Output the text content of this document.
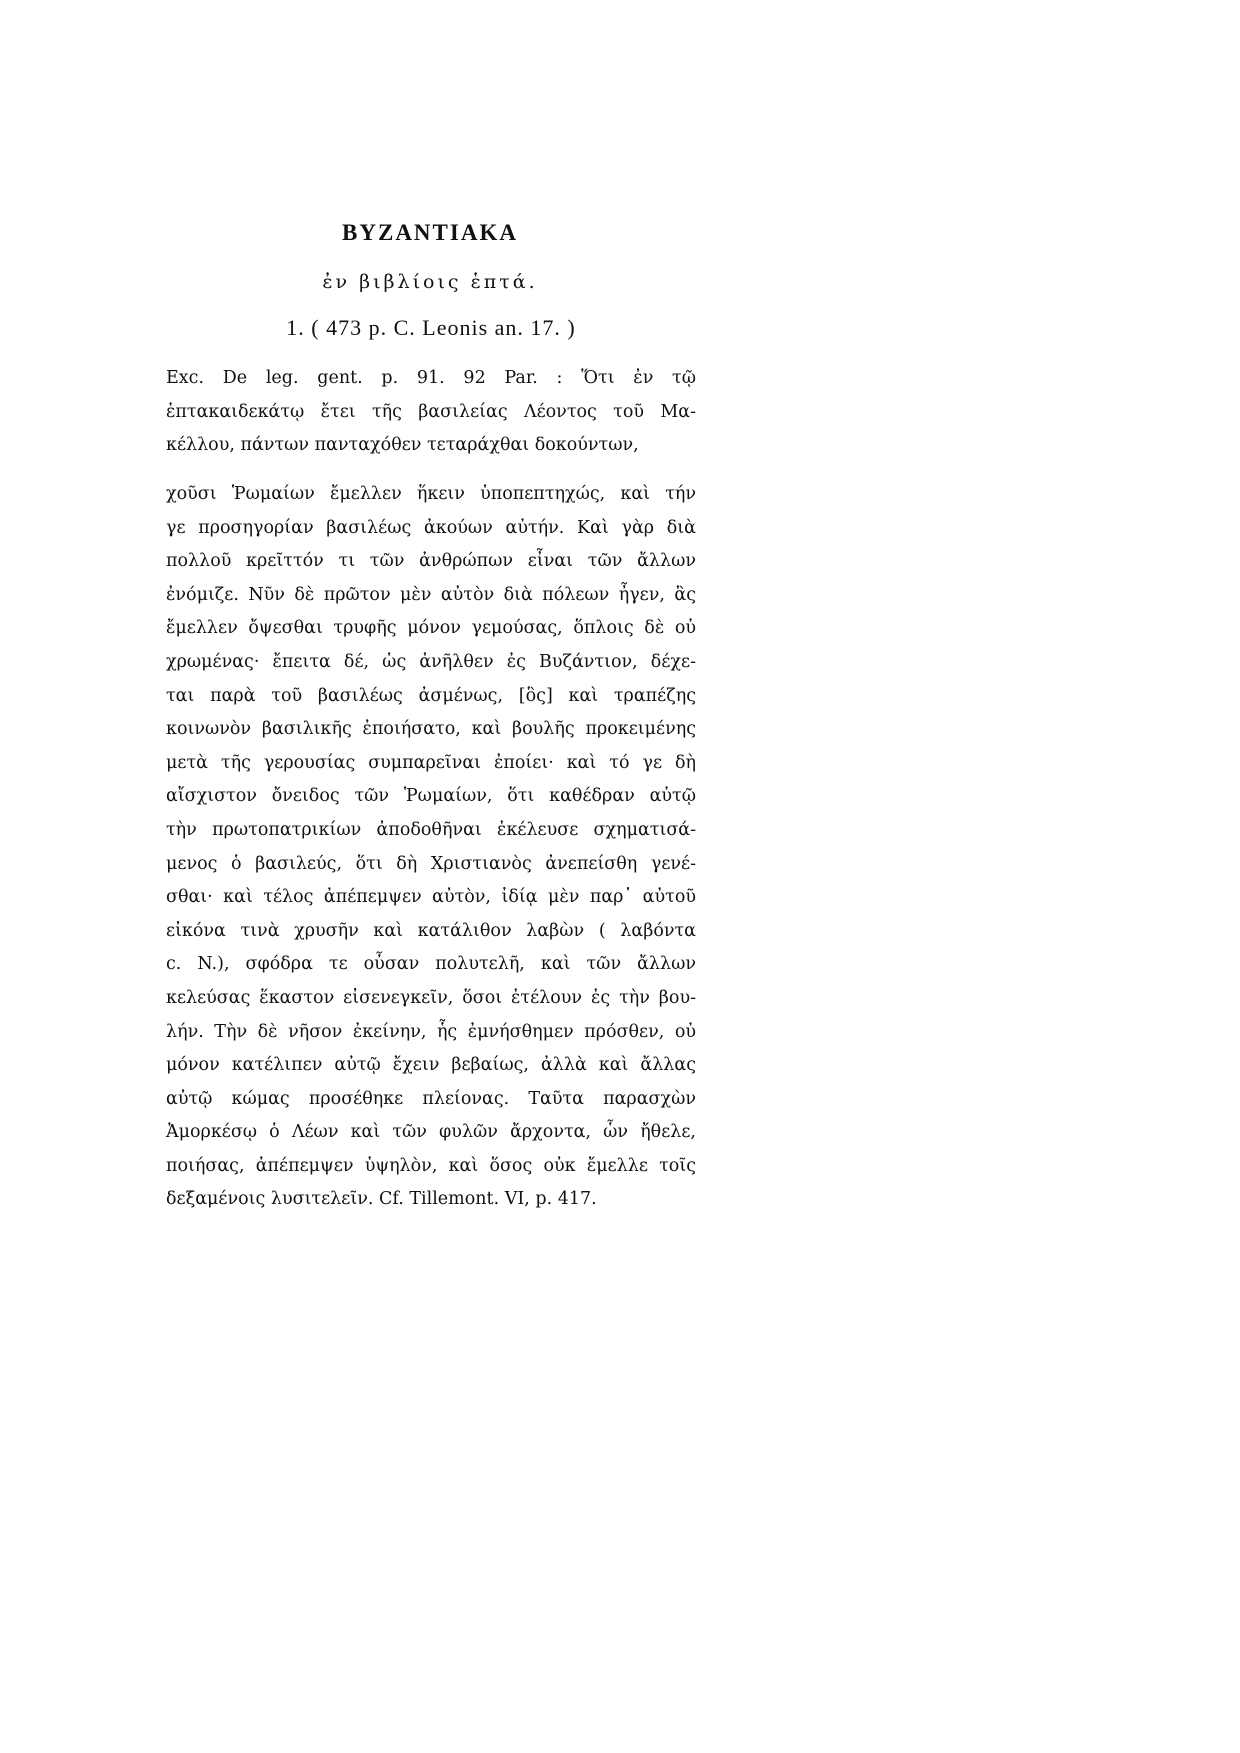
BYZANTIAKA
ἐν βιβλίοις ἑπτά.
1. ( 473 p. C. Leonis an. 17. )
Exc. De leg. gent. p. 91. 92 Par. : Ὅτι ἐν τῷ
ἑπτακαιδεκάτῳ ἔτει τῆς βασιλείας Λέοντος τοῦ Μα-
κέλλου, πάντων πανταχόθεν τεταράχθαι δοκούντων,
χοῦσι Ῥωμαίων ἔμελλεν ἥκειν ὑποπεπτηχώς, καὶ τήν
γε προσηγορίαν βασιλέως ἀκούων αὐτήν. Καὶ γὰρ διὰ
πολλοῦ κρεῖττόν τι τῶν ἀνθρώπων εἶναι τῶν ἄλλων
ἐνόμιζε. Νῦν δὲ πρῶτον μὲν αὐτὸν διὰ πόλεων ἦγεν, ἃς
ἔμελλεν ὄψεσθαι τρυφῆς μόνον γεμούσας, ὅπλοις δὲ οὐ
χρωμένας· ἔπειτα δέ, ὡς ἀνῆλθεν ἐς Βυζάντιον, δέχε-
ται παρὰ τοῦ βασιλέως ἀσμένως, [ὃς] καὶ τραπέζης
κοινωνὸν βασιλικῆς ἐποιήσατο, καὶ βουλῆς προκειμένης
μετὰ τῆς γερουσίας συμπαρεῖναι ἐποίει· καὶ τό γε δὴ
αἴσχιστον ὄνειδος τῶν Ῥωμαίων, ὅτι καθέδραν αὐτῷ
τὴν πρωτοπατρικίων ἀποδοθῆναι ἐκέλευσε σχηματισά-
μενος ὁ βασιλεύς, ὅτι δὴ Χριστιανὸς ἀνεπείσθη γενέ-
σθαι· καὶ τέλος ἀπέπεμψεν αὐτὸν, ἰδίᾳ μὲν παρ᾽ αὐτοῦ
εἰκόνα τινὰ χρυσῆν καὶ κατάλιθον λαβὼν ( λαβόντα
c. N.), σφόδρα τε οὖσαν πολυτελῆ, καὶ τῶν ἄλλων
κελεύσας ἕκαστον εἰσενεγκεῖν, ὅσοι ἐτέλουν ἐς τὴν βου-
λήν. Τὴν δὲ νῆσον ἐκείνην, ἧς ἐμνήσθημεν πρόσθεν, οὐ
μόνον κατέλιπεν αὐτῷ ἔχειν βεβαίως, ἀλλὰ καὶ ἄλλας
αὐτῷ κώμας προσέθηκε πλείονας. Ταῦτα παρασχὼν
Ἀμορκέσῳ ὁ Λέων καὶ τῶν φυλῶν ἄρχοντα, ὧν ἤθελε,
ποιήσας, ἀπέπεμψεν ὑψηλὸν, καὶ ὅσος οὐκ ἔμελλε τοῖς
δεξαμένοις λυσιτελεῖν. Cf. Tillemont. VI, p. 417.
